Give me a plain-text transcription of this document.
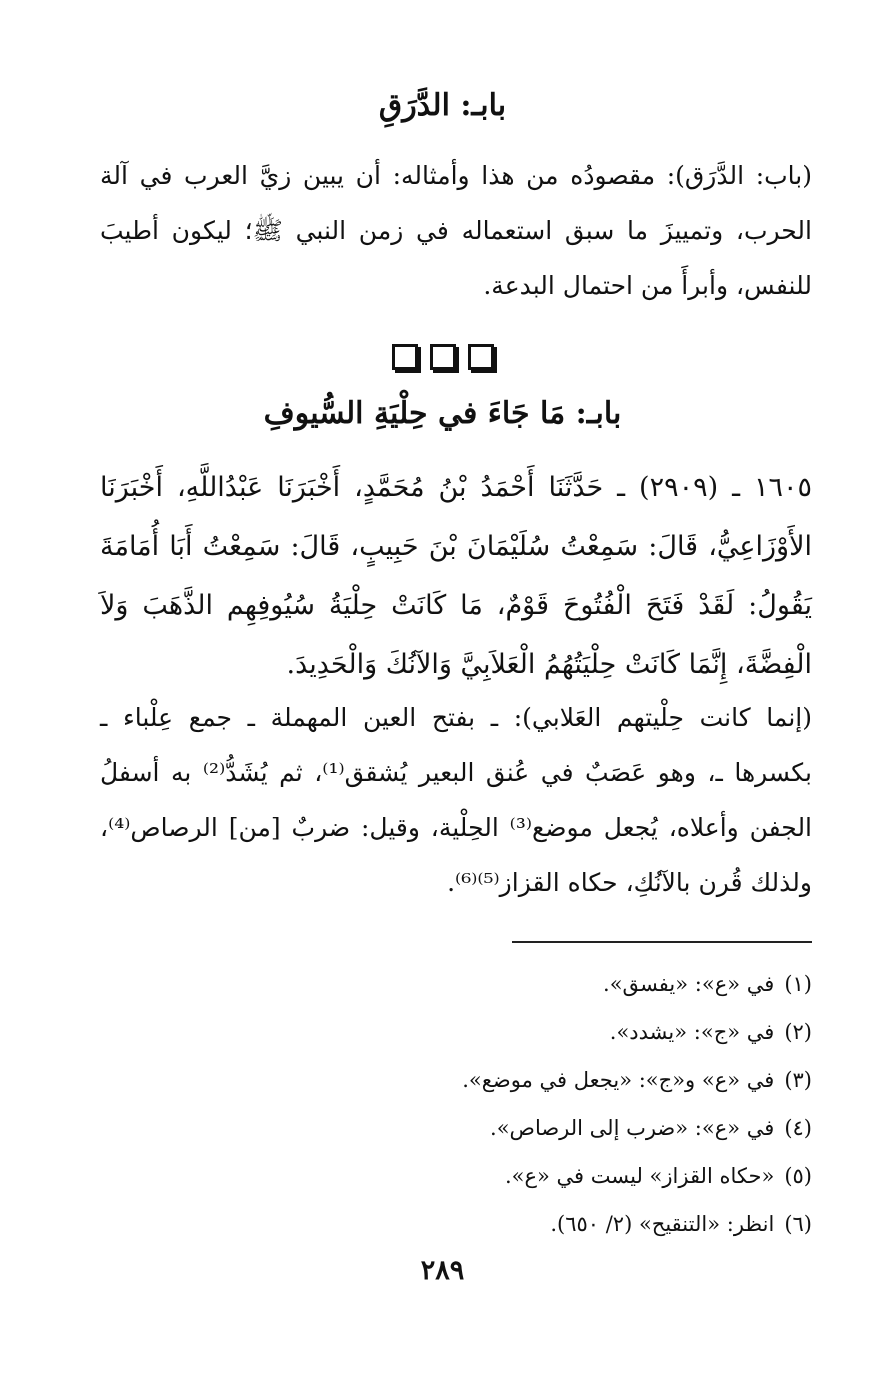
بابـ: الدَّرَقِ

(باب: الدَّرَق): مقصودُه من هذا وأمثاله: أن يبين زيَّ العرب في آلة الحرب، وتمييزَ ما سبق استعماله في زمن النبي ﷺ؛ ليكون أطيبَ للنفس، وأبرأَ من احتمال البدعة.

بابـ: مَا جَاءَ في حِلْيَةِ السُّيوفِ

١٦٠٥ ـ (٢٩٠٩) ـ حَدَّثَنَا أَحْمَدُ بْنُ مُحَمَّدٍ، أَخْبَرَنَا عَبْدُاللَّهِ، أَخْبَرَنَا الأَوْزَاعِيُّ، قَالَ: سَمِعْتُ سُلَيْمَانَ بْنَ حَبِيبٍ، قَالَ: سَمِعْتُ أَبَا أُمَامَةَ يَقُولُ: لَقَدْ فَتَحَ الْفُتُوحَ قَوْمٌ، مَا كَانَتْ حِلْيَةُ سُيُوفِهِم الذَّهَبَ وَلاَ الْفِضَّةَ، إِنَّمَا كَانَتْ حِلْيَتُهُمُ الْعَلاَبِيَّ وَالآنُكَ وَالْحَدِيدَ.

(إنما كانت حِلْيتهم العَلابي): ـ بفتح العين المهملة ـ جمع عِلْباء ـ بكسرها ـ، وهو عَصَبٌ في عُنق البعير يُشقق⁽¹⁾، ثم يُشَدُّ⁽²⁾ به أسفلُ الجفن وأعلاه، يُجعل موضع⁽³⁾ الحِلْية، وقيل: ضربٌ [من] الرصاص⁽⁴⁾، ولذلك قُرن بالآنُكِ، حكاه القزاز⁽⁵⁾⁽⁶⁾.

(١)في «ع»: «يفسق».
(٢)في «ج»: «يشدد».
(٣)في «ع» و«ج»: «يجعل في موضع».
(٤)في «ع»: «ضرب إلى الرصاص».
(٥)«حكاه القزاز» ليست في «ع».
(٦)انظر: «التنقيح» (٢/ ٦٥٠).
٢٨٩
